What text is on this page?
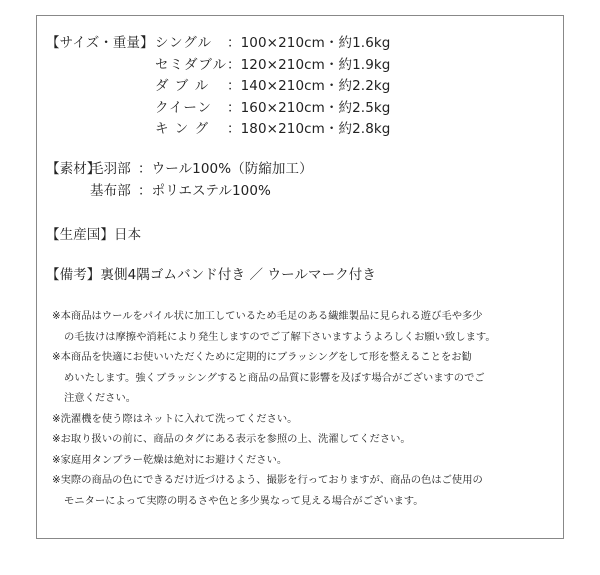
【サイズ・重量】 シングル	：100×210cm・約1.6kg
セミダブル ：120×210cm・約1.9kg
ダ ブ ル	：140×210cm・約2.2kg
クイーン	：160×210cm・約2.5kg
キ ン グ	：180×210cm・約2.8kg
【素材】
毛羽部 ：ウール100%（防縮加工）
基布部 ：ポリエステル100%
【生産国】日本
【備考】裏側4隅ゴムバンド付き ／ ウールマーク付き
※本商品はウールをパイル状に加工しているため毛足のある繊維製品に見られる遊び毛や多少
の毛抜けは摩擦や消耗により発生しますのでご了解下さいますようよろしくお願い致します。
※本商品を快適にお使いいただくために定期的にブラッシングをして形を整えることをお勧
めいたします。強くブラッシングすると商品の品質に影響を及ぼす場合がございますのでご
注意ください。
※洗濯機を使う際はネットに入れて洗ってください。
※お取り扱いの前に、商品のタグにある表示を参照の上、洗濯してください。
※家庭用タンブラー乾燥は絶対にお避けください。
※実際の商品の色にできるだけ近づけるよう、撮影を行っておりますが、商品の色はご使用の
モニターによって実際の明るさや色と多少異なって見える場合がございます。
